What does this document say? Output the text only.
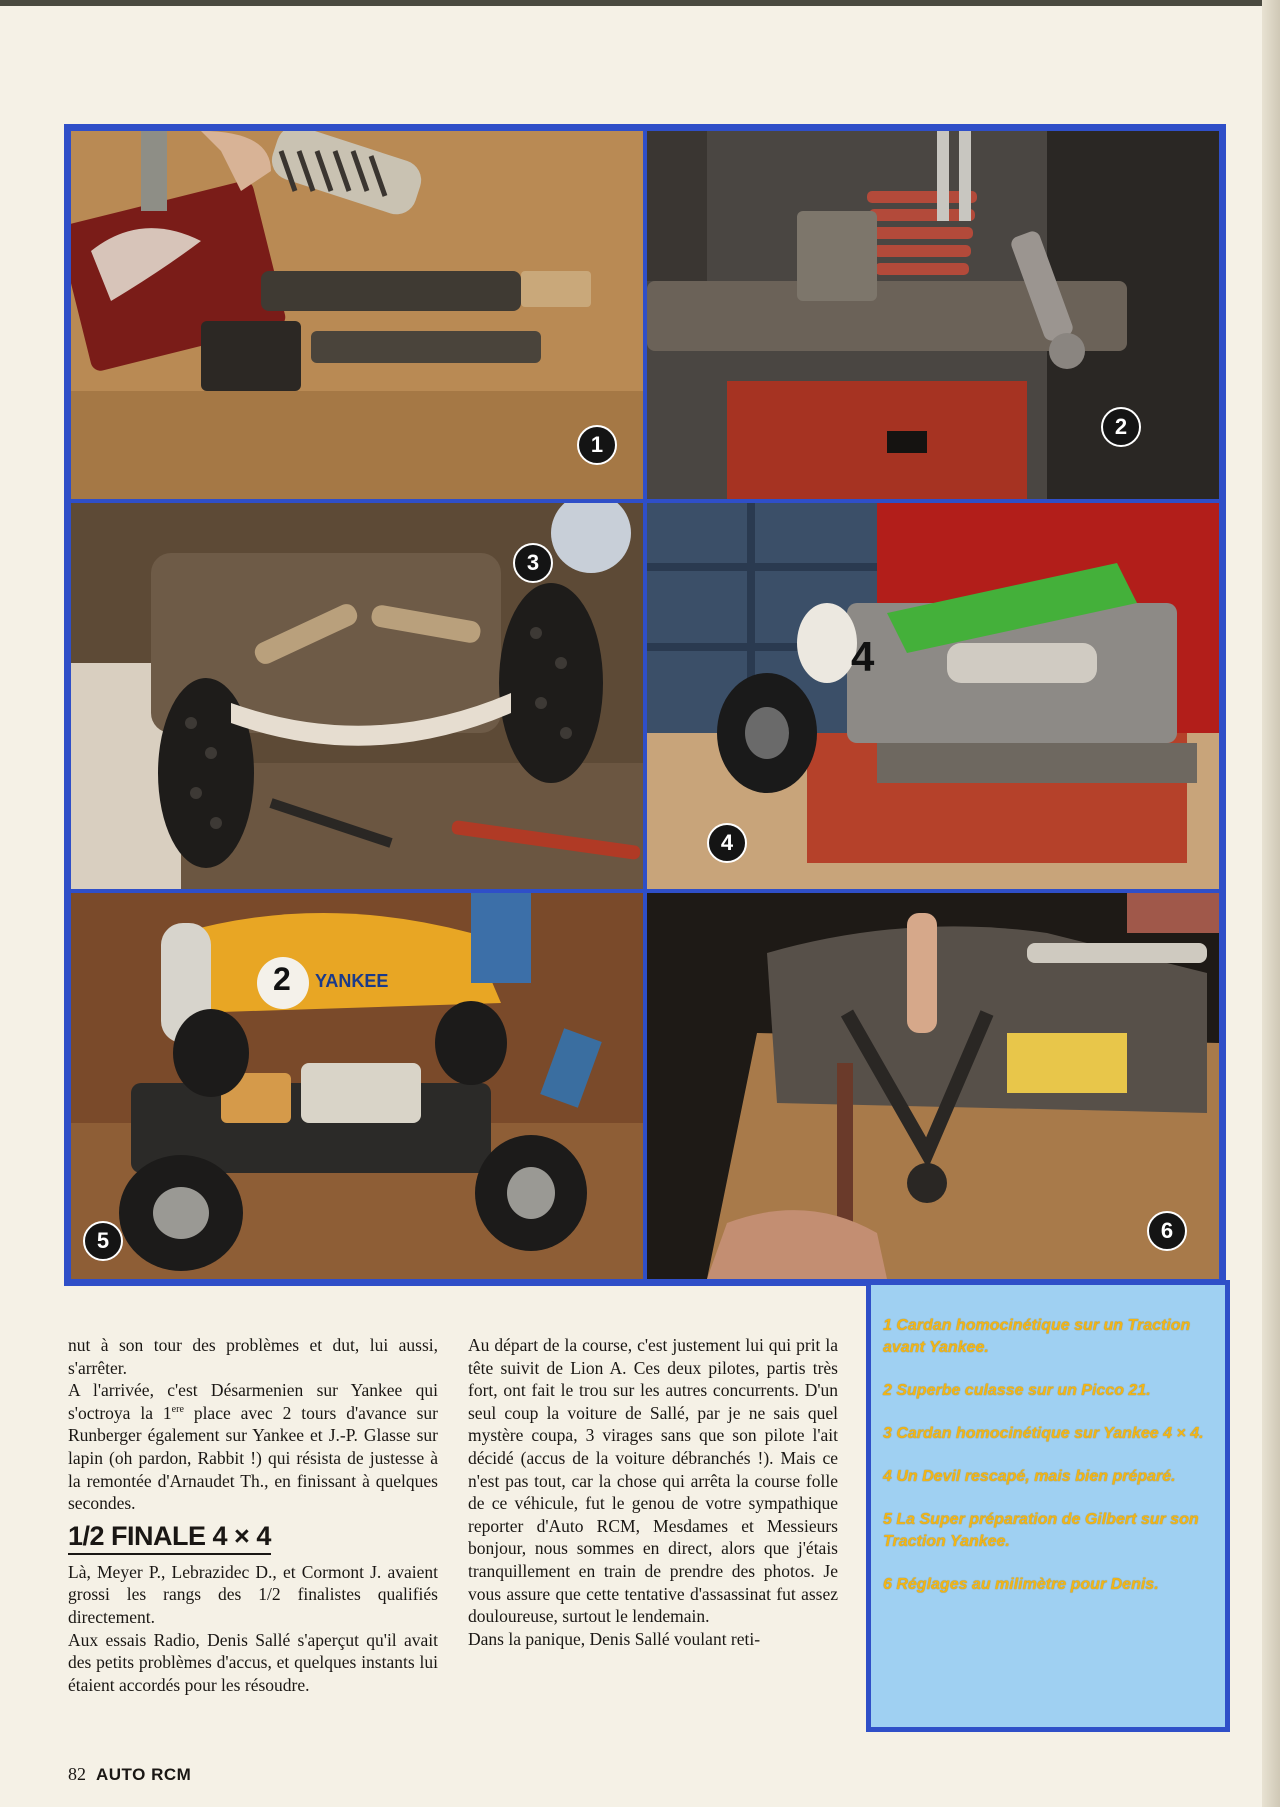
1
2
3
4
4
5
2 YANKEE
6

nut à son tour des problèmes et dut, lui aussi, s'arrêter.

A l'arrivée, c'est Désarmenien sur Yankee qui s'octroya la 1ere place avec 2 tours d'avance sur Runberger également sur Yankee et J.-P. Glasse sur lapin (oh pardon, Rabbit !) qui résista de justesse à la remontée d'Arnaudet Th., en finissant à quelques secondes.

1/2 FINALE 4 × 4

Là, Meyer P., Lebrazidec D., et Cormont J. avaient grossi les rangs des 1/2 finalistes qualifiés directement.

Aux essais Radio, Denis Sallé s'aperçut qu'il avait des petits problèmes d'accus, et quelques instants lui étaient accordés pour les résoudre.

Au départ de la course, c'est justement lui qui prit la tête suivit de Lion A. Ces deux pilotes, partis très fort, ont fait le trou sur les autres concurrents. D'un seul coup la voiture de Sallé, par je ne sais quel mystère coupa, 3 virages sans que son pilote l'ait décidé (accus de la voiture débranchés !). Mais ce n'est pas tout, car la chose qui arrêta la course folle de ce véhicule, fut le genou de votre sympathique reporter d'Auto RCM, Mesdames et Messieurs bonjour, nous sommes en direct, alors que j'étais tranquillement en train de prendre des photos. Je vous assure que cette tentative d'assassinat fut assez douloureuse, surtout le lendemain.

Dans la panique, Denis Sallé voulant reti-

1 Cardan homocinétique sur un Traction avant Yankee.
2 Superbe culasse sur un Picco 21.
3 Cardan homocinétique sur Yankee 4 × 4.
4 Un Devil rescapé, mais bien préparé.
5 La Super préparation de Gilbert sur son Traction Yankee.
6 Réglages au milimètre pour Denis.
82 AUTO RCM
